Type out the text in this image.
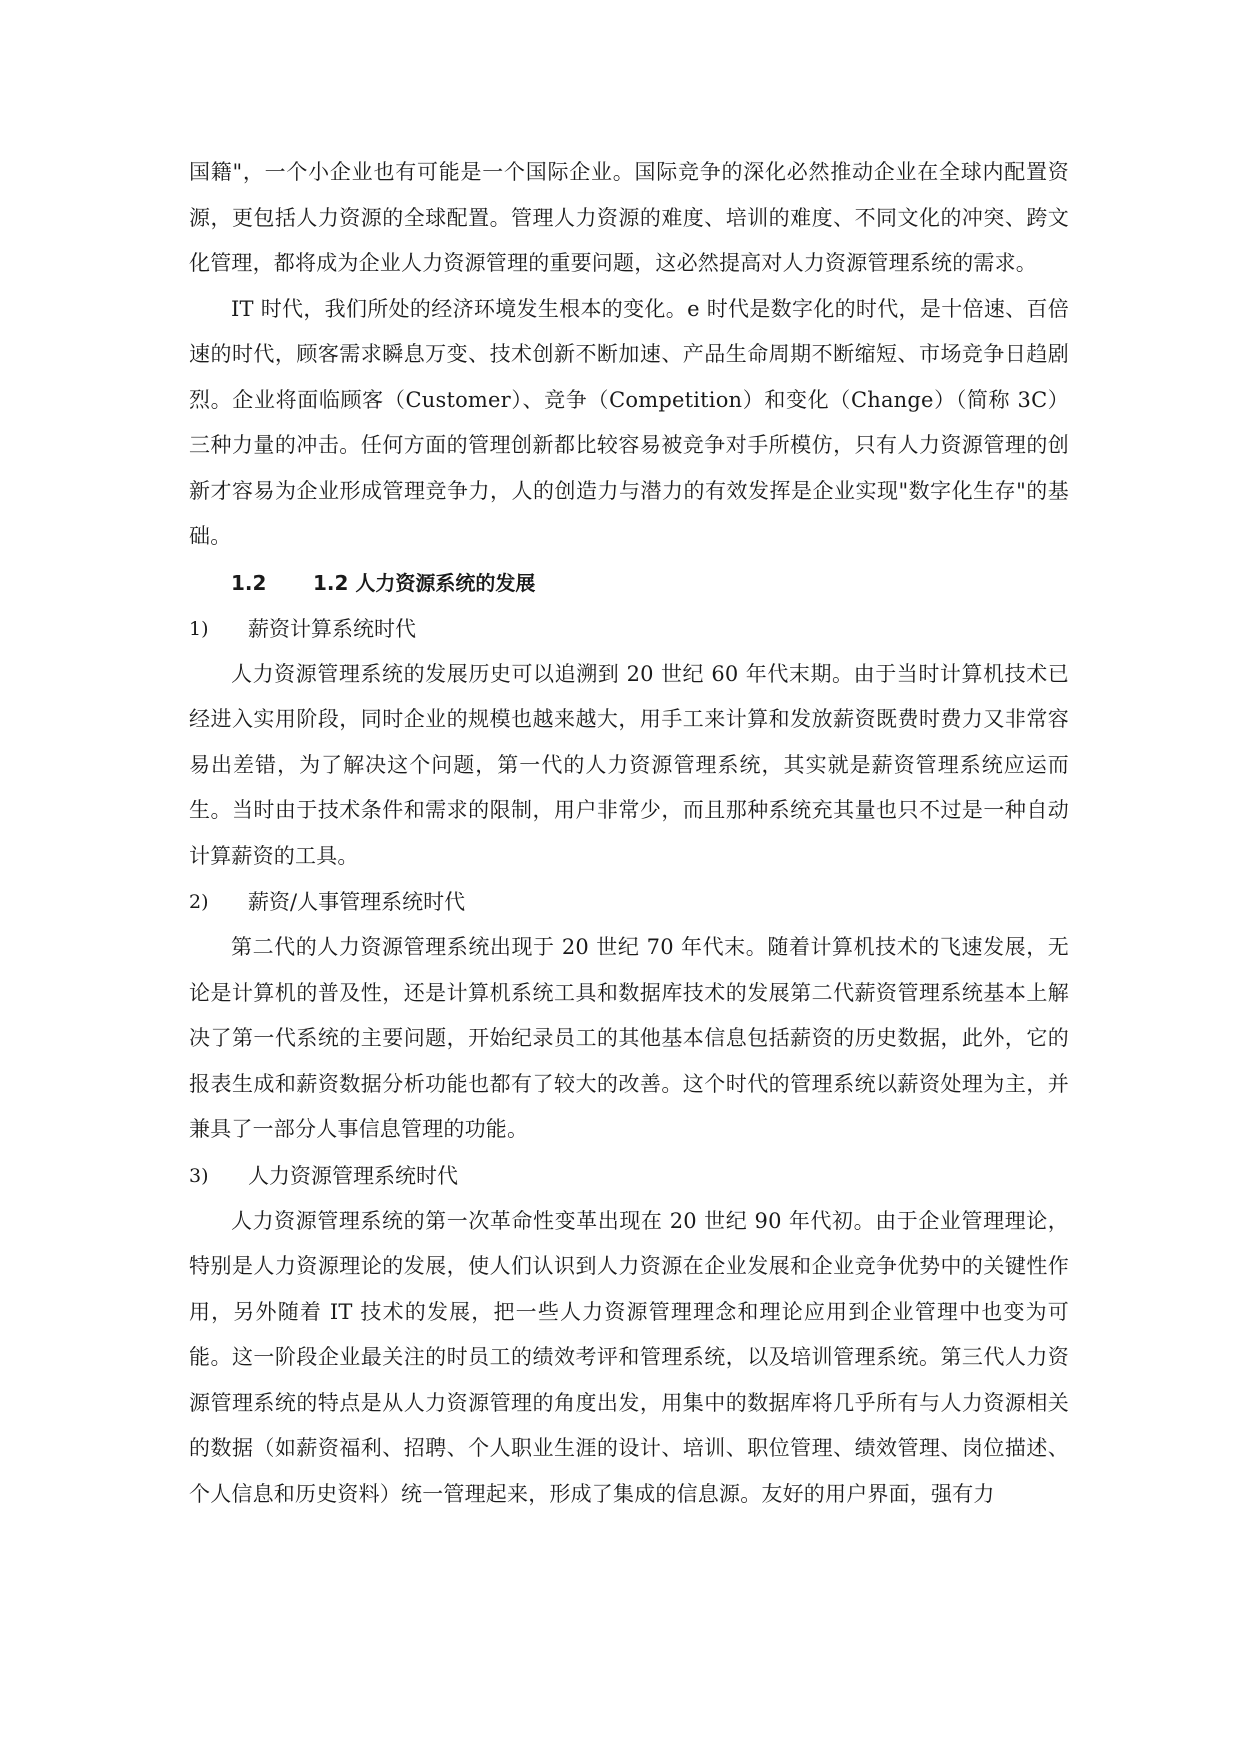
国籍"，一个小企业也有可能是一个国际企业。国际竞争的深化必然推动企业在全球内配置资源，更包括人力资源的全球配置。管理人力资源的难度、培训的难度、不同文化的冲突、跨文化管理，都将成为企业人力资源管理的重要问题，这必然提高对人力资源管理系统的需求。

IT 时代，我们所处的经济环境发生根本的变化。e 时代是数字化的时代，是十倍速、百倍速的时代，顾客需求瞬息万变、技术创新不断加速、产品生命周期不断缩短、市场竞争日趋剧烈。企业将面临顾客（Customer）、竞争（Competition）和变化（Change）（简称 3C）三种力量的冲击。任何方面的管理创新都比较容易被竞争对手所模仿，只有人力资源管理的创新才容易为企业形成管理竞争力，人的创造力与潜力的有效发挥是企业实现"数字化生存"的基础。

1.2 1.2 人力资源系统的发展
1) 薪资计算系统时代

人力资源管理系统的发展历史可以追溯到 20 世纪 60 年代末期。由于当时计算机技术已经进入实用阶段，同时企业的规模也越来越大，用手工来计算和发放薪资既费时费力又非常容易出差错，为了解决这个问题，第一代的人力资源管理系统，其实就是薪资管理系统应运而生。当时由于技术条件和需求的限制，用户非常少，而且那种系统充其量也只不过是一种自动计算薪资的工具。

2) 薪资/人事管理系统时代

第二代的人力资源管理系统出现于 20 世纪 70 年代末。随着计算机技术的飞速发展，无论是计算机的普及性，还是计算机系统工具和数据库技术的发展第二代薪资管理系统基本上解决了第一代系统的主要问题，开始纪录员工的其他基本信息包括薪资的历史数据，此外，它的报表生成和薪资数据分析功能也都有了较大的改善。这个时代的管理系统以薪资处理为主，并兼具了一部分人事信息管理的功能。

3) 人力资源管理系统时代

人力资源管理系统的第一次革命性变革出现在 20 世纪 90 年代初。由于企业管理理论，特别是人力资源理论的发展，使人们认识到人力资源在企业发展和企业竞争优势中的关键性作用，另外随着 IT 技术的发展，把一些人力资源管理理念和理论应用到企业管理中也变为可能。这一阶段企业最关注的时员工的绩效考评和管理系统，以及培训管理系统。第三代人力资源管理系统的特点是从人力资源管理的角度出发，用集中的数据库将几乎所有与人力资源相关的数据（如薪资福利、招聘、个人职业生涯的设计、培训、职位管理、绩效管理、岗位描述、个人信息和历史资料）统一管理起来，形成了集成的信息源。友好的用户界面，强有力
